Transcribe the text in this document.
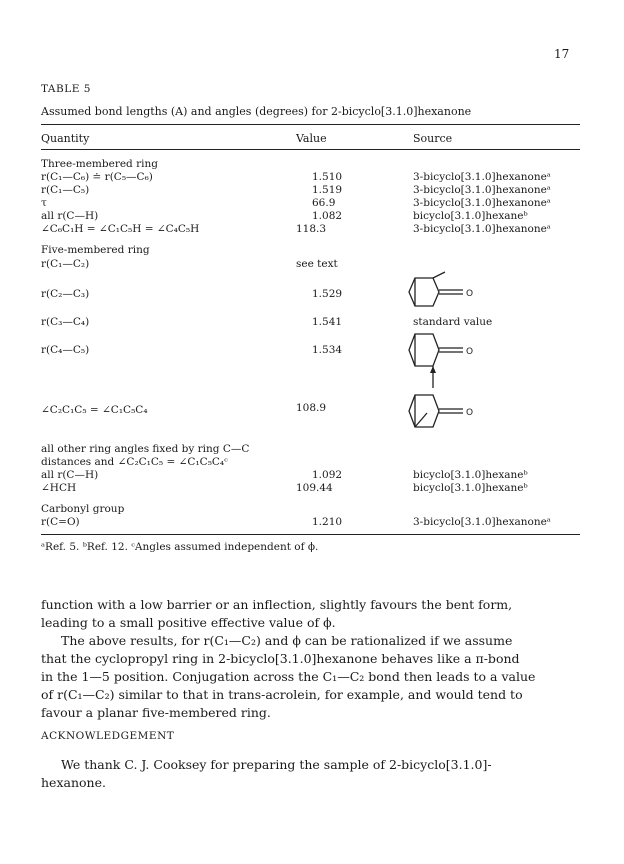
17
TABLE 5
Assumed bond lengths (A) and angles (degrees) for 2-bicyclo[3.1.0]hexanone
Quantity	Value	Source
Three-membered ring
r(C₁—C₆) ≐ r(C₅—C₆)	1.510	3-bicyclo[3.1.0]hexanoneᵃ
r(C₁—C₅)	1.519	3-bicyclo[3.1.0]hexanoneᵃ
τ	66.9	3-bicyclo[3.1.0]hexanoneᵃ
all r(C—H)	1.082	bicyclo[3.1.0]hexaneᵇ
∠C₆C₁H = ∠C₁C₅H = ∠C₄C₅H	118.3	3-bicyclo[3.1.0]hexanoneᵃ
Five-membered ring
r(C₁—C₂)	see text
r(C₂—C₃)	1.529
r(C₃—C₄)	1.541	standard value
r(C₄—C₅)	1.534
∠C₂C₁C₅ = ∠C₁C₅C₄	108.9
all other ring angles fixed by ring C—C
distances and ∠C₂C₁C₅ = ∠C₁C₅C₄ᶜ
all r(C—H)	1.092	bicyclo[3.1.0]hexaneᵇ
∠HCH	109.44	bicyclo[3.1.0]hexaneᵇ
Carbonyl group
r(C=O)	1.210	3-bicyclo[3.1.0]hexanoneᵃ
ᵃRef. 5. ᵇRef. 12. ᶜAngles assumed independent of ϕ.
O
O
O
function with a low barrier or an inflection, slightly favours the bent form,
leading to a small positive effective value of ϕ.
The above results, for r(C₁—C₂) and ϕ can be rationalized if we assume
that the cyclopropyl ring in 2-bicyclo[3.1.0]hexanone behaves like a π-bond
in the 1—5 position. Conjugation across the C₁—C₂ bond then leads to a value
of r(C₁—C₂) similar to that in trans-acrolein, for example, and would tend to
favour a planar five-membered ring.
ACKNOWLEDGEMENT
We thank C. J. Cooksey for preparing the sample of 2-bicyclo[3.1.0]-
hexanone.
